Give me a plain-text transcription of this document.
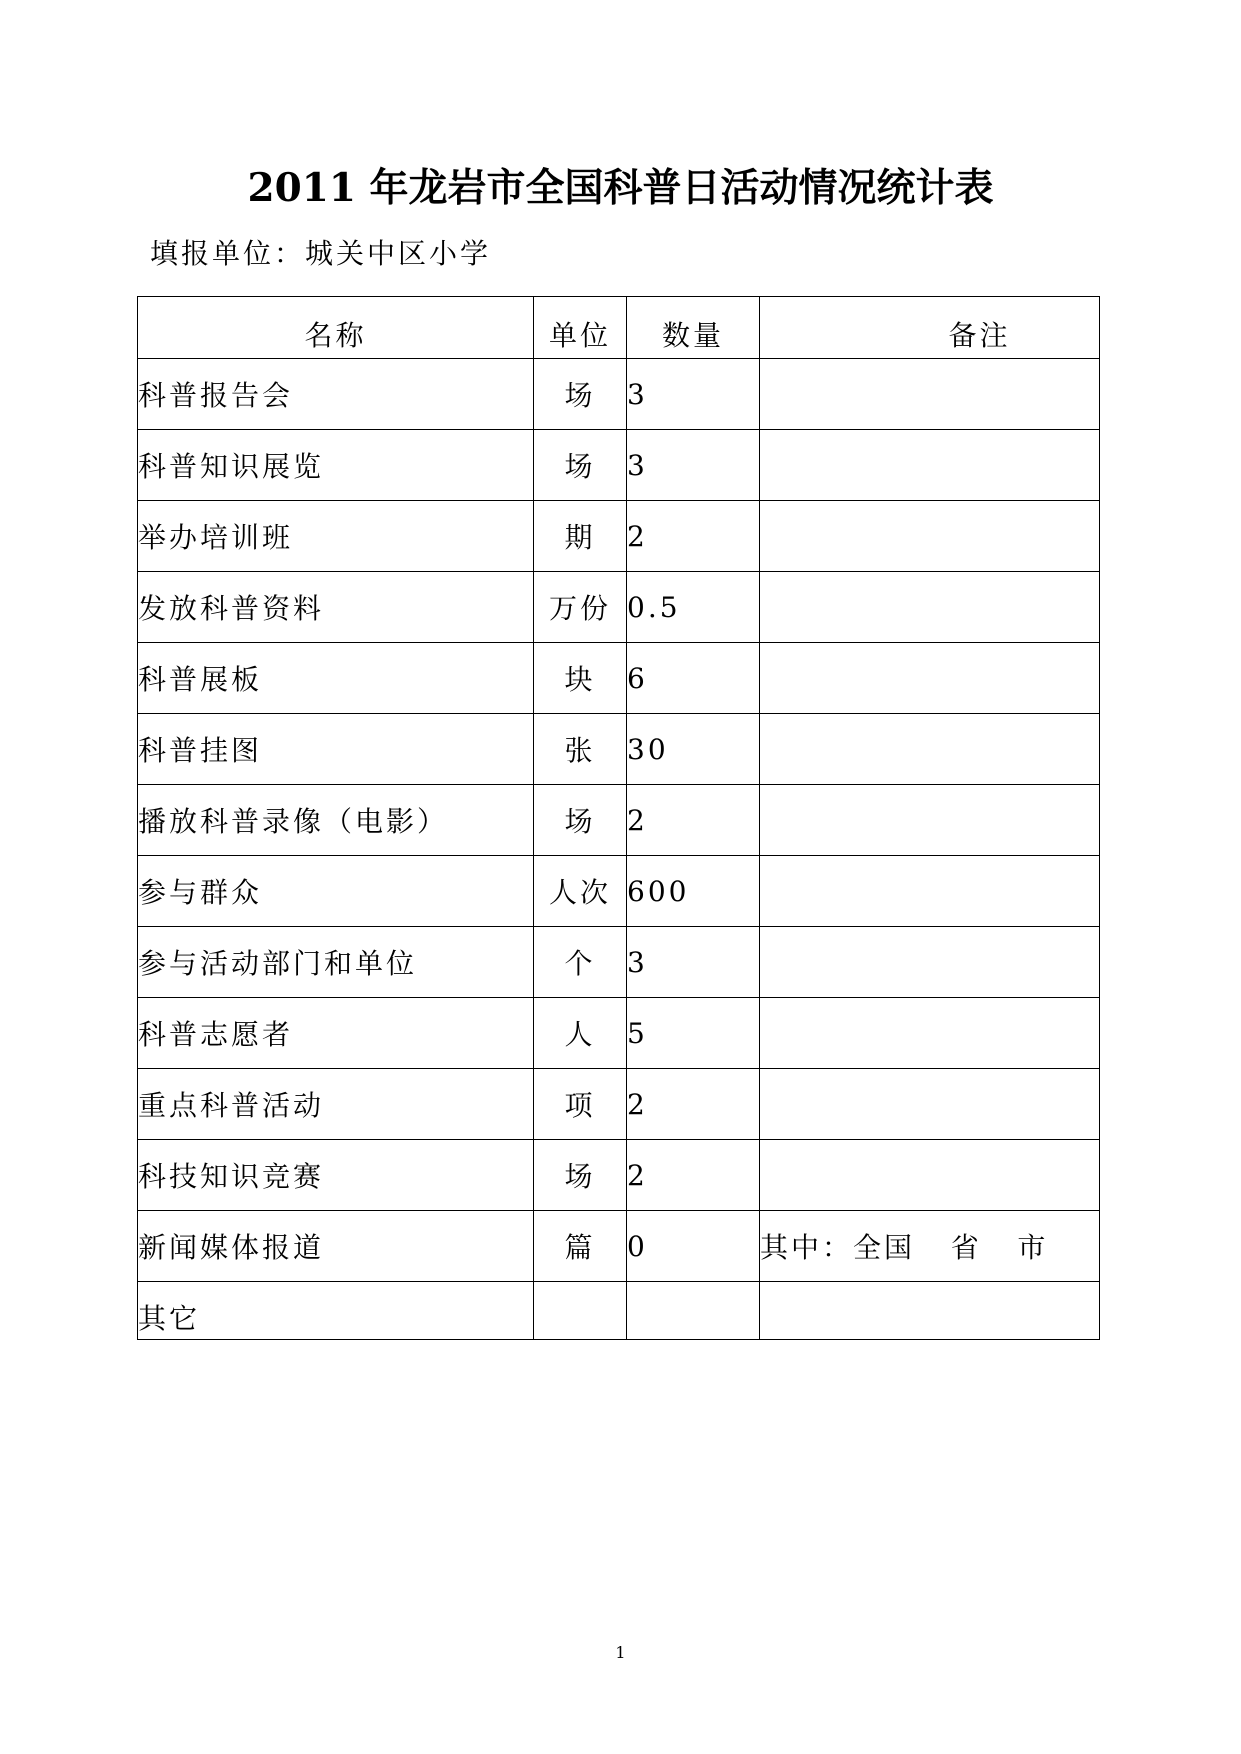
2011 年龙岩市全国科普日活动情况统计表
填报单位：城关中区小学
名称	单位	数量	备注
科普报告会	场	3	
科普知识展览	场	3	
举办培训班	期	2	
发放科普资料	万份	0.5	
科普展板	块	6	
科普挂图	张	30	
播放科普录像（电影）	场	2	
参与群众	人次	600	
参与活动部门和单位	个	3	
科普志愿者	人	5	
重点科普活动	项	2	
科技知识竞赛	场	2	
新闻媒体报道	篇	0	其中：全国   省   市
其它			
1
